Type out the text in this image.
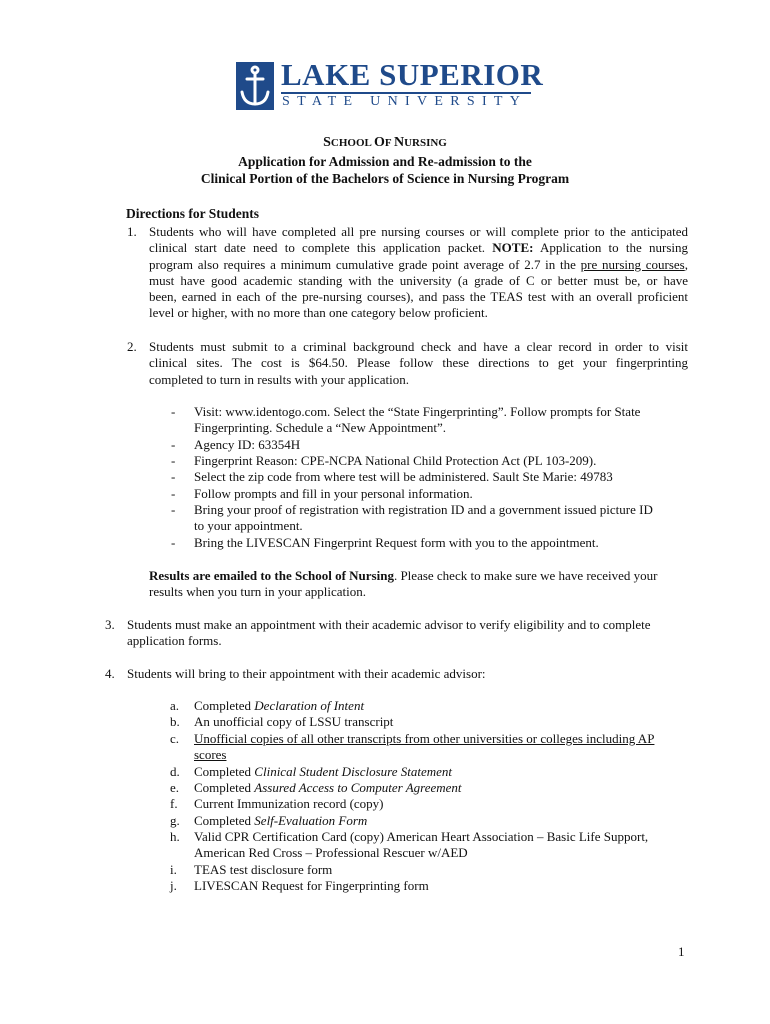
LAKE SUPERIOR
STATE UNIVERSITY
SCHOOL OF NURSING
Application for Admission and Re-admission to the
Clinical Portion of the Bachelors of Science in Nursing Program
Directions for Students
1. Students who will have completed all pre nursing courses or will complete prior to the anticipated
clinical start date need to complete this application packet. NOTE: Application to the nursing
program also requires a minimum cumulative grade point average of 2.7 in the pre nursing courses,
must have good academic standing with the university (a grade of C or better must be, or have
been, earned in each of the pre-nursing courses), and pass the TEAS test with an overall proficient
level or higher, with no more than one category below proficient.
2. Students must submit to a criminal background check and have a clear record in order to visit
clinical sites. The cost is $64.50. Please follow these directions to get your fingerprinting
completed to turn in results with your application.
-	Visit: www.identogo.com. Select the “State Fingerprinting”. Follow prompts for State
Fingerprinting. Schedule a “New Appointment”.
-	Agency ID: 63354H
-	Fingerprint Reason: CPE-NCPA National Child Protection Act (PL 103-209).
-	Select the zip code from where test will be administered. Sault Ste Marie: 49783
-	Follow prompts and fill in your personal information.
-	Bring your proof of registration with registration ID and a government issued picture ID
to your appointment.
-	Bring the LIVESCAN Fingerprint Request form with you to the appointment.
Results are emailed to the School of Nursing. Please check to make sure we have received your
results when you turn in your application.
3. Students must make an appointment with their academic advisor to verify eligibility and to complete
application forms.
4. Students will bring to their appointment with their academic advisor:
a.	Completed Declaration of Intent
b.	An unofficial copy of LSSU transcript
c.	Unofficial copies of all other transcripts from other universities or colleges including AP
scores
d.	Completed Clinical Student Disclosure Statement
e.	Completed Assured Access to Computer Agreement
f.	Current Immunization record (copy)
g.	Completed Self-Evaluation Form
h.	Valid CPR Certification Card (copy) American Heart Association – Basic Life Support,
American Red Cross – Professional Rescuer w/AED
i.	TEAS test disclosure form
j.	LIVESCAN Request for Fingerprinting form
1
